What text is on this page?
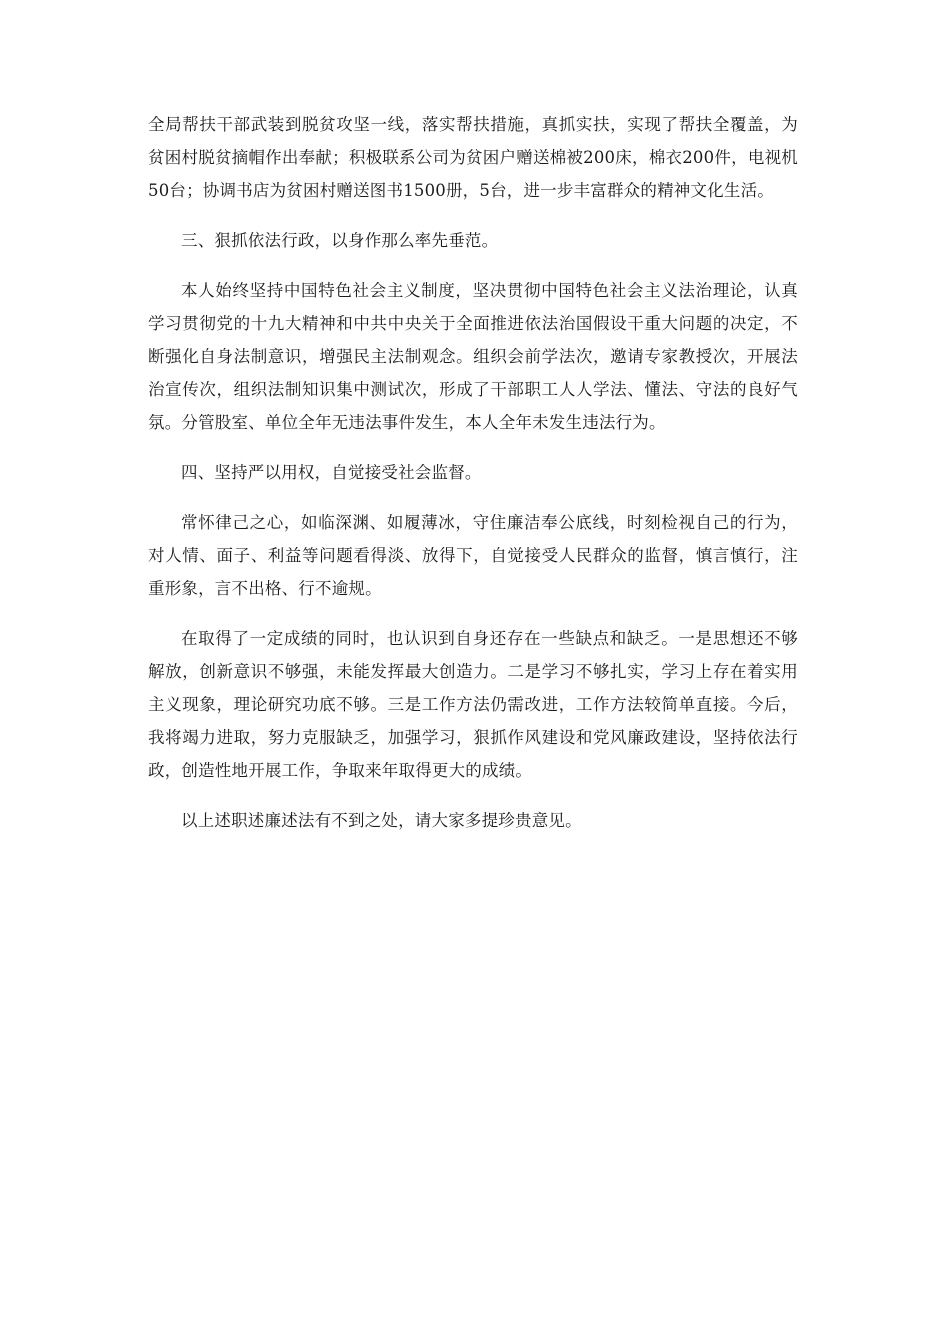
全局帮扶干部武装到脱贫攻坚一线，落实帮扶措施，真抓实扶，实现了帮扶全覆盖，为贫困村脱贫摘帽作出奉献；积极联系公司为贫困户赠送棉被200床，棉衣200件，电视机50台；协调书店为贫困村赠送图书1500册，5台，进一步丰富群众的精神文化生活。

三、狠抓依法行政，以身作那么率先垂范。

本人始终坚持中国特色社会主义制度，坚决贯彻中国特色社会主义法治理论，认真学习贯彻党的十九大精神和中共中央关于全面推进依法治国假设干重大问题的决定，不断强化自身法制意识，增强民主法制观念。组织会前学法次，邀请专家教授次，开展法治宣传次，组织法制知识集中测试次，形成了干部职工人人学法、懂法、守法的良好气氛。分管股室、单位全年无违法事件发生，本人全年未发生违法行为。

四、坚持严以用权，自觉接受社会监督。

常怀律己之心，如临深渊、如履薄冰，守住廉洁奉公底线，时刻检视自己的行为，对人情、面子、利益等问题看得淡、放得下，自觉接受人民群众的监督，慎言慎行，注重形象，言不出格、行不逾规。

在取得了一定成绩的同时，也认识到自身还存在一些缺点和缺乏。一是思想还不够解放，创新意识不够强，未能发挥最大创造力。二是学习不够扎实，学习上存在着实用主义现象，理论研究功底不够。三是工作方法仍需改进，工作方法较简单直接。今后，我将竭力进取，努力克服缺乏，加强学习，狠抓作风建设和党风廉政建设，坚持依法行政，创造性地开展工作，争取来年取得更大的成绩。

以上述职述廉述法有不到之处，请大家多提珍贵意见。
